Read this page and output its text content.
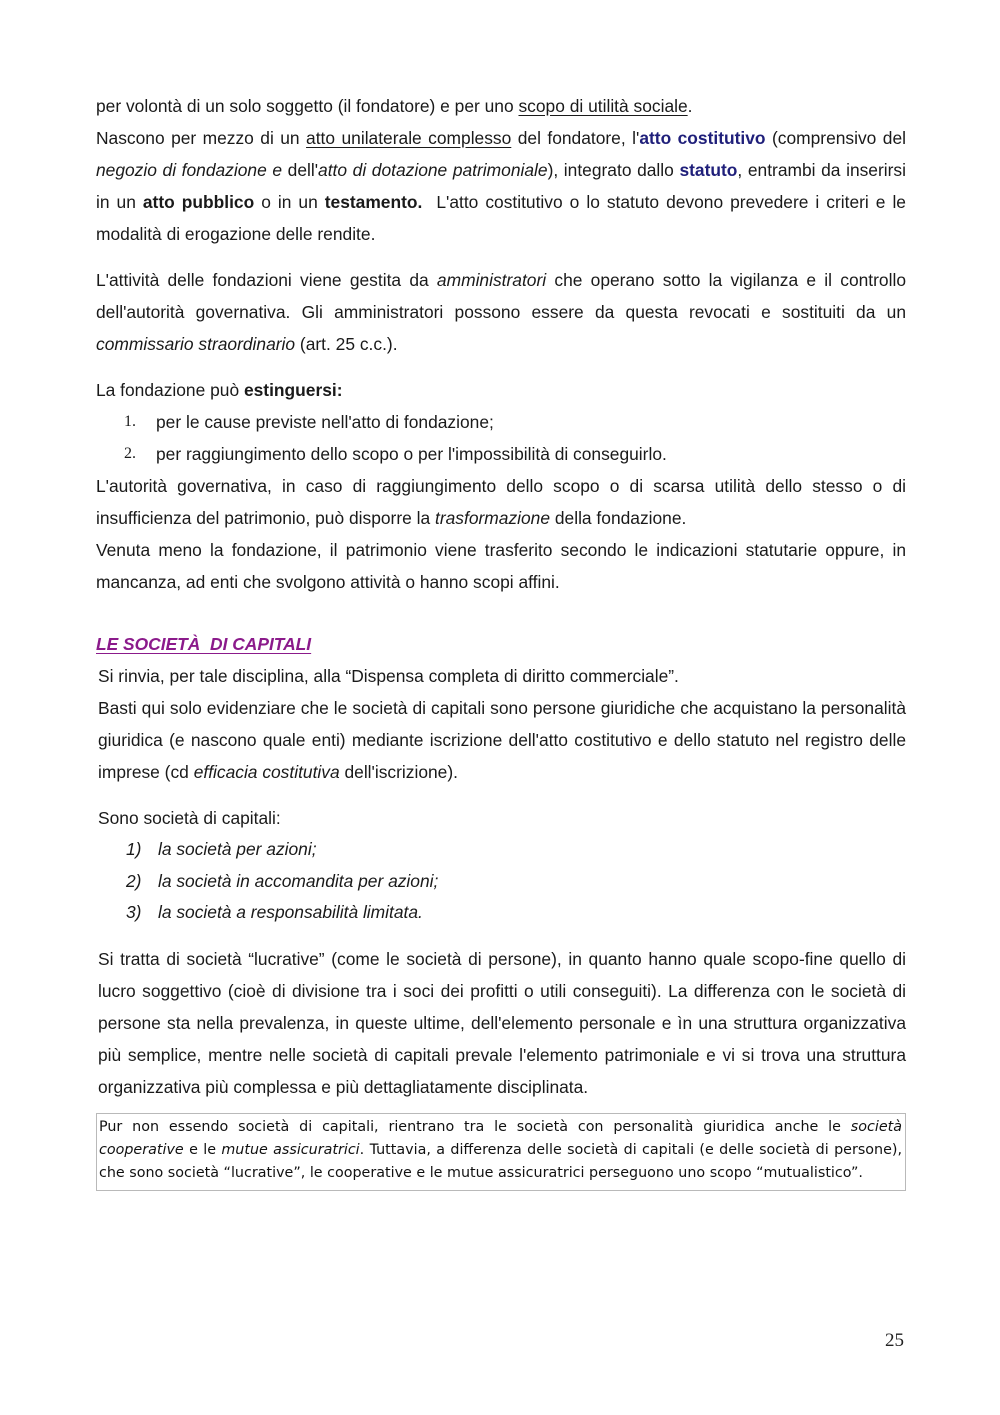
per volontà di un solo soggetto (il fondatore) e per uno scopo di utilità sociale.

Nascono per mezzo di un atto unilaterale complesso del fondatore, l'atto costitutivo (comprensivo del negozio di fondazione e dell'atto di dotazione patrimoniale), integrato dallo statuto, entrambi da inserirsi in un atto pubblico o in un testamento.  L'atto costitutivo o lo statuto devono prevedere i criteri e le modalità di erogazione delle rendite.

L'attività delle fondazioni viene gestita da amministratori che operano sotto la vigilanza e il controllo dell'autorità governativa. Gli amministratori possono essere da questa revocati e sostituiti da un commissario straordinario (art. 25 c.c.).

La fondazione può estinguersi:

1. per le cause previste nell'atto di fondazione;
2. per raggiungimento dello scopo o per l'impossibilità di conseguirlo.

L'autorità governativa, in caso di raggiungimento dello scopo o di scarsa utilità dello stesso o di insufficienza del patrimonio, può disporre la trasformazione della fondazione.

Venuta meno la fondazione, il patrimonio viene trasferito secondo le indicazioni statutarie oppure, in mancanza, ad enti che svolgono attività o hanno scopi affini.

LE SOCIETÀ  DI CAPITALI

Si rinvia, per tale disciplina, alla “Dispensa completa di diritto commerciale”.

Basti qui solo evidenziare che le società di capitali sono persone giuridiche che acquistano la personalità giuridica (e nascono quale enti) mediante iscrizione dell'atto costitutivo e dello statuto nel registro delle imprese (cd efficacia costitutiva dell'iscrizione).

Sono società di capitali:

1) la società per azioni;
2) la società in accomandita per azioni;
3) la società a responsabilità limitata.

Si tratta di società “lucrative” (come le società di persone), in quanto hanno quale scopo-fine quello di lucro soggettivo (cioè di divisione tra i soci dei profitti o utili conseguiti). La differenza con le società di persone sta nella prevalenza, in queste ultime, dell'elemento personale e ìn una struttura organizzativa più semplice, mentre nelle società di capitali prevale l'elemento patrimoniale e vi si trova una struttura organizzativa più complessa e più dettagliatamente disciplinata.

Pur non essendo società di capitali, rientrano tra le società con personalità giuridica anche le società cooperative e le mutue assicuratrici. Tuttavia, a differenza delle società di capitali (e delle società di persone), che sono società “lucrative”, le cooperative e le mutue assicuratrici perseguono uno scopo “mutualistico”.
25
